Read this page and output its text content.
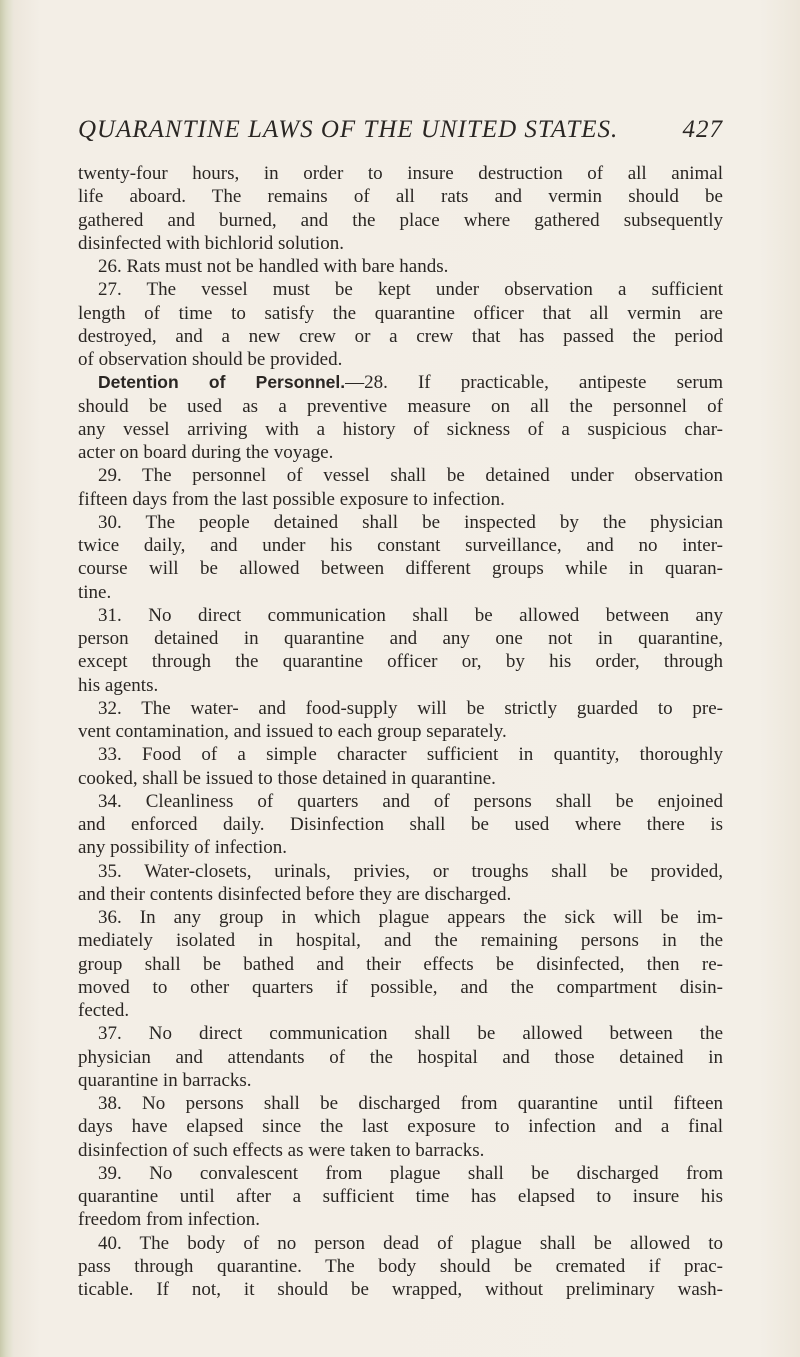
QUARANTINE LAWS OF THE UNITED STATES.	427
twenty-four hours, in order to insure destruction of all animal
life aboard. The remains of all rats and vermin should be
gathered and burned, and the place where gathered subsequently
disinfected with bichlorid solution.
26. Rats must not be handled with bare hands.
27. The vessel must be kept under observation a sufficient
length of time to satisfy the quarantine officer that all vermin are
destroyed, and a new crew or a crew that has passed the period
of observation should be provided.
Detention of Personnel.—28. If practicable, antipeste serum
should be used as a preventive measure on all the personnel of
any vessel arriving with a history of sickness of a suspicious char-
acter on board during the voyage.
29. The personnel of vessel shall be detained under observation
fifteen days from the last possible exposure to infection.
30. The people detained shall be inspected by the physician
twice daily, and under his constant surveillance, and no inter-
course will be allowed between different groups while in quaran-
tine.
31. No direct communication shall be allowed between any
person detained in quarantine and any one not in quarantine,
except through the quarantine officer or, by his order, through
his agents.
32. The water- and food-supply will be strictly guarded to pre-
vent contamination, and issued to each group separately.
33. Food of a simple character sufficient in quantity, thoroughly
cooked, shall be issued to those detained in quarantine.
34. Cleanliness of quarters and of persons shall be enjoined
and enforced daily. Disinfection shall be used where there is
any possibility of infection.
35. Water-closets, urinals, privies, or troughs shall be provided,
and their contents disinfected before they are discharged.
36. In any group in which plague appears the sick will be im-
mediately isolated in hospital, and the remaining persons in the
group shall be bathed and their effects be disinfected, then re-
moved to other quarters if possible, and the compartment disin-
fected.
37. No direct communication shall be allowed between the
physician and attendants of the hospital and those detained in
quarantine in barracks.
38. No persons shall be discharged from quarantine until fifteen
days have elapsed since the last exposure to infection and a final
disinfection of such effects as were taken to barracks.
39. No convalescent from plague shall be discharged from
quarantine until after a sufficient time has elapsed to insure his
freedom from infection.
40. The body of no person dead of plague shall be allowed to
pass through quarantine. The body should be cremated if prac-
ticable. If not, it should be wrapped, without preliminary wash-
